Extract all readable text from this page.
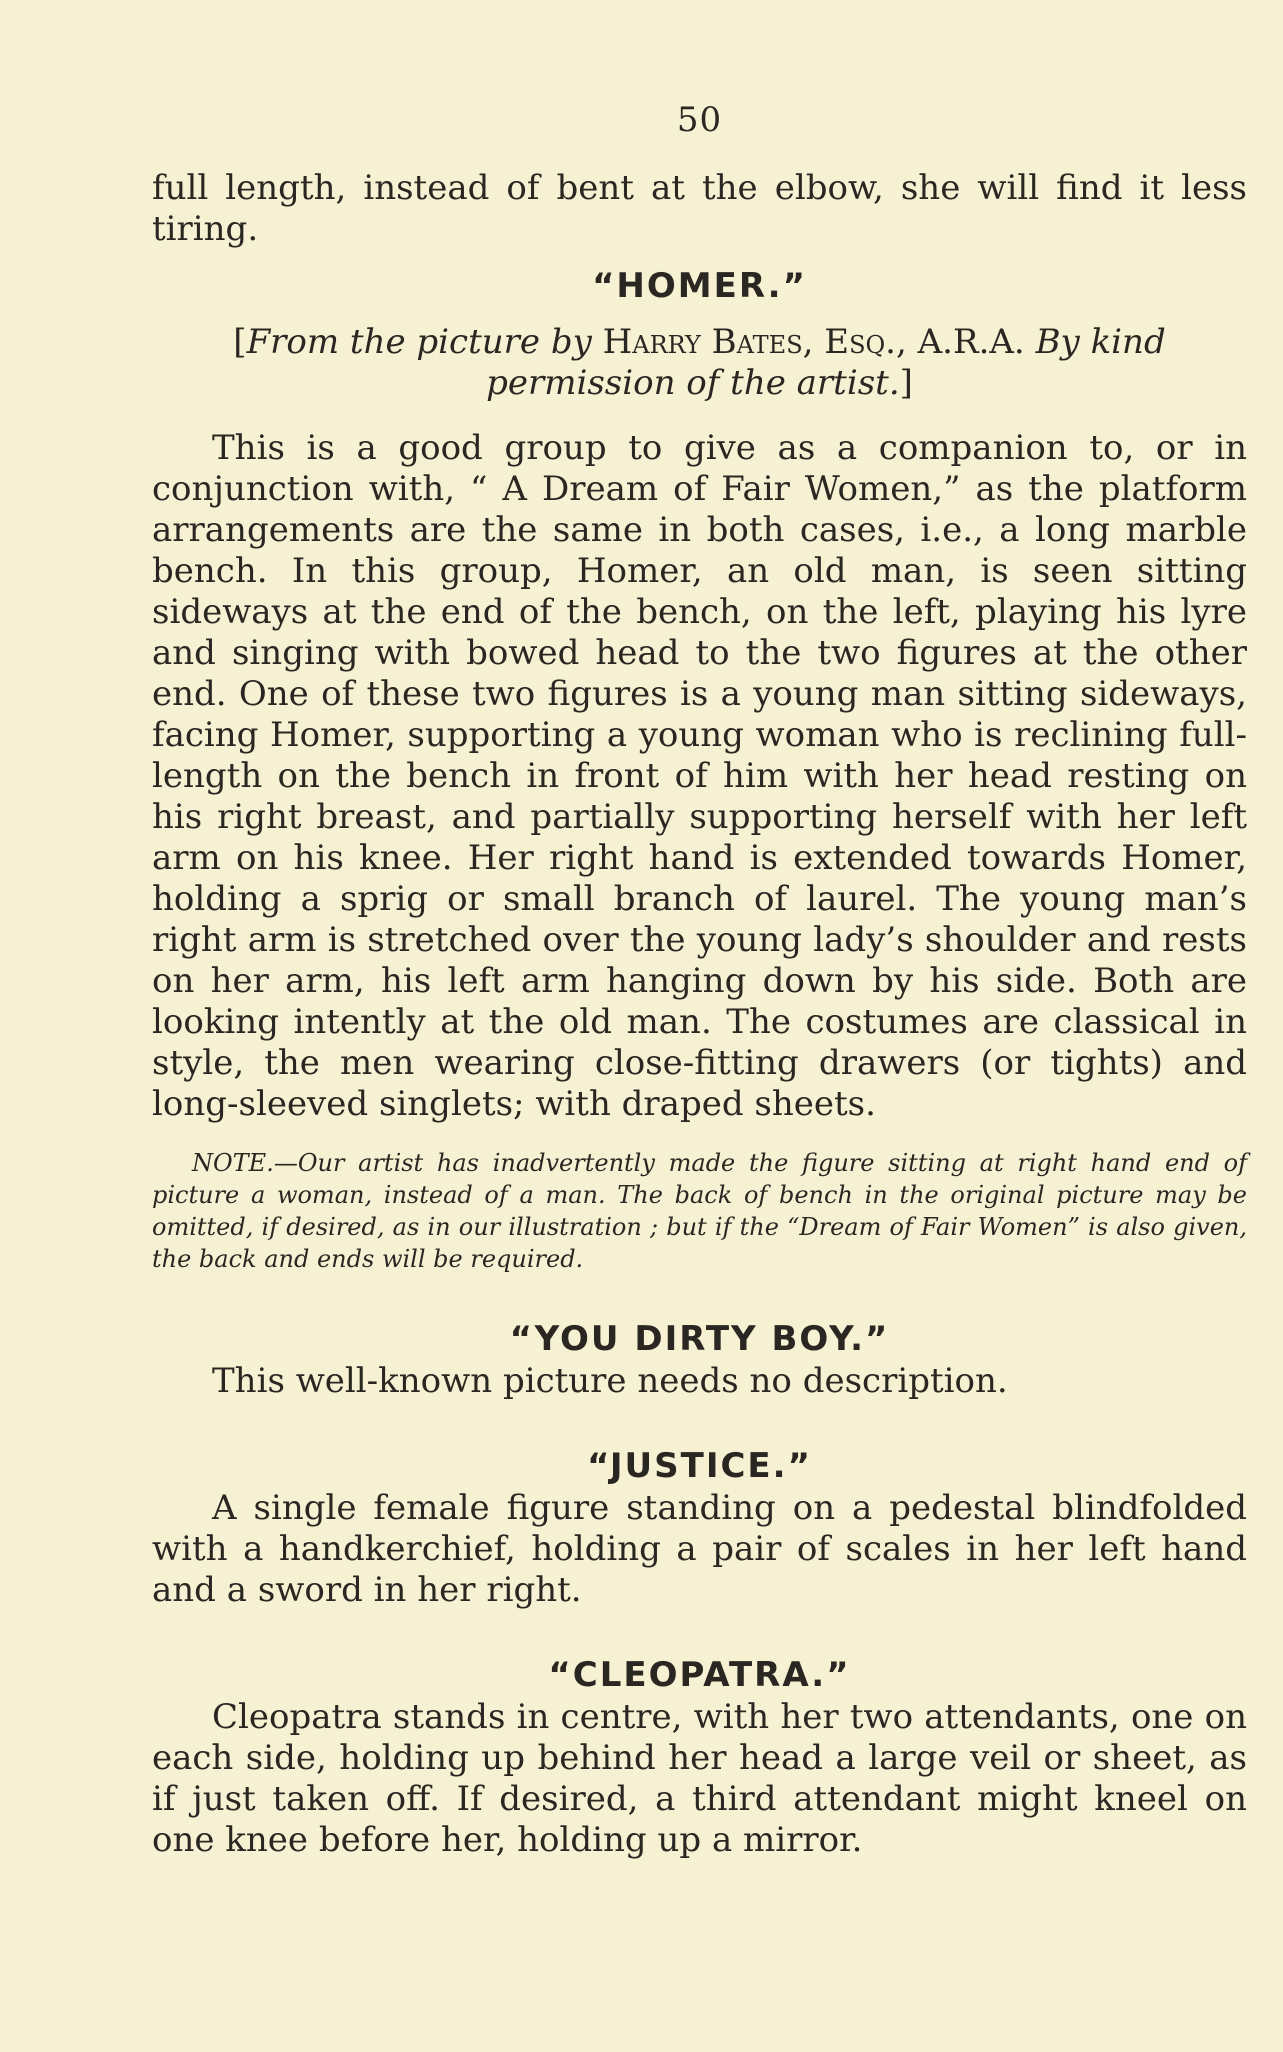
50

full length, instead of bent at the elbow, she will find it less tiring.

“HOMER.”
[From the picture by Harry Bates, Esq., A.R.A. By kind permission of the artist.]

This is a good group to give as a companion to, or in conjunction with, “ A Dream of Fair Women,” as the platform arrangements are the same in both cases, i.e., a long marble bench. In this group, Homer, an old man, is seen sitting sideways at the end of the bench, on the left, playing his lyre and singing with bowed head to the two figures at the other end. One of these two figures is a young man sitting sideways, facing Homer, supporting a young woman who is reclining full-length on the bench in front of him with her head resting on his right breast, and partially supporting herself with her left arm on his knee. Her right hand is extended towards Homer, holding a sprig or small branch of laurel. The young man’s right arm is stretched over the young lady’s shoulder and rests on her arm, his left arm hanging down by his side. Both are looking intently at the old man. The costumes are classical in style, the men wearing close-fitting drawers (or tights) and long-sleeved singlets; with draped sheets.

NOTE.—Our artist has inadvertently made the figure sitting at right hand end of picture a woman, instead of a man. The back of bench in the original picture may be omitted, if desired, as in our illustration ; but if the “Dream of Fair Women” is also given, the back and ends will be required.

“YOU DIRTY BOY.”

This well-known picture needs no description.

“JUSTICE.”

A single female figure standing on a pedestal blindfolded with a handkerchief, holding a pair of scales in her left hand and a sword in her right.

“CLEOPATRA.”

Cleopatra stands in centre, with her two attendants, one on each side, holding up behind her head a large veil or sheet, as if just taken off. If desired, a third attendant might kneel on one knee before her, holding up a mirror.
